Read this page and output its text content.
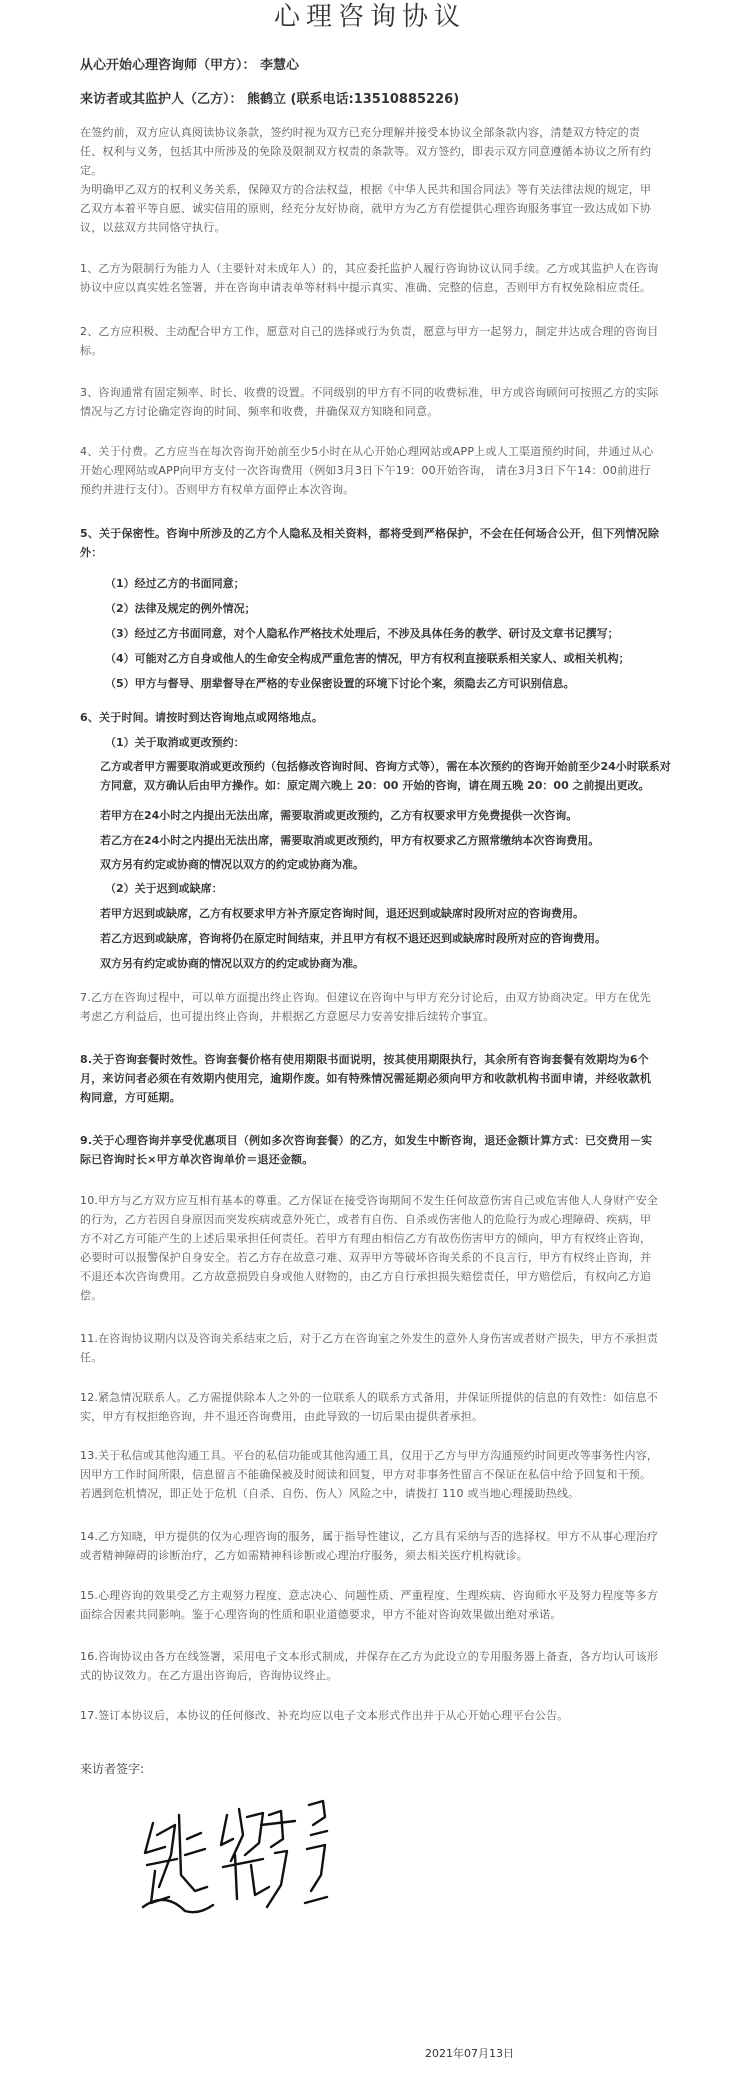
心理咨询协议
从心开始心理咨询师（甲方）： 李慧心
来访者或其监护人（乙方）： 熊鹤立 (联系电话:13510885226)
在签约前，双方应认真阅读协议条款，签约时视为双方已充分理解并接受本协议全部条款内容，清楚双方特定的责任、权利与义务，包括其中所涉及的免除及限制双方权责的条款等。双方签约，即表示双方同意遵循本协议之所有约定。
为明确甲乙双方的权利义务关系，保障双方的合法权益，根据《中华人民共和国合同法》等有关法律法规的规定，甲乙双方本着平等自愿、诚实信用的原则，经充分友好协商，就甲方为乙方有偿提供心理咨询服务事宜一致达成如下协议，以兹双方共同恪守执行。
1、乙方为限制行为能力人（主要针对未成年人）的，其应委托监护人履行咨询协议认同手续。乙方或其监护人在咨询协议中应以真实姓名签署，并在咨询申请表单等材料中提示真实、准确、完整的信息，否则甲方有权免除相应责任。
2、乙方应积极、主动配合甲方工作，愿意对自己的选择或行为负责，愿意与甲方一起努力，制定并达成合理的咨询目标。
3、咨询通常有固定频率、时长、收费的设置。不同级别的甲方有不同的收费标准，甲方或咨询顾问可按照乙方的实际情况与乙方讨论确定咨询的时间、频率和收费，并确保双方知晓和同意。
4、关于付费。乙方应当在每次咨询开始前至少5小时在从心开始心理网站或APP上或人工渠道预约时间，并通过从心开始心理网站或APP向甲方支付一次咨询费用（例如3月3日下午19：00开始咨询， 请在3月3日下午14：00前进行预约并进行支付）。否则甲方有权单方面停止本次咨询。
5、关于保密性。咨询中所涉及的乙方个人隐私及相关资料，都将受到严格保护，不会在任何场合公开，但下列情况除外：
（1）经过乙方的书面同意；
（2）法律及规定的例外情况；
（3）经过乙方书面同意，对个人隐私作严格技术处理后，不涉及具体任务的教学、研讨及文章书记撰写；
（4）可能对乙方自身或他人的生命安全构成严重危害的情况，甲方有权利直接联系相关家人、或相关机构；
（5）甲方与督导、朋辈督导在严格的专业保密设置的环境下讨论个案，须隐去乙方可识别信息。
6、关于时间。请按时到达咨询地点或网络地点。
（1）关于取消或更改预约：
乙方或者甲方需要取消或更改预约（包括修改咨询时间、咨询方式等），需在本次预约的咨询开始前至少24小时联系对方同意，双方确认后由甲方操作。如：原定周六晚上 20：00 开始的咨询，请在周五晚 20：00 之前提出更改。
若甲方在24小时之内提出无法出席，需要取消或更改预约，乙方有权要求甲方免费提供一次咨询。
若乙方在24小时之内提出无法出席，需要取消或更改预约，甲方有权要求乙方照常缴纳本次咨询费用。
双方另有约定或协商的情况以双方的约定或协商为准。
（2）关于迟到或缺席：
若甲方迟到或缺席，乙方有权要求甲方补齐原定咨询时间，退还迟到或缺席时段所对应的咨询费用。
若乙方迟到或缺席，咨询将仍在原定时间结束，并且甲方有权不退还迟到或缺席时段所对应的咨询费用。
双方另有约定或协商的情况以双方的约定或协商为准。
7.乙方在咨询过程中，可以单方面提出终止咨询。但建议在咨询中与甲方充分讨论后，由双方协商决定。甲方在优先考虑乙方利益后，也可提出终止咨询，并根据乙方意愿尽力安善安排后续转介事宜。
8.关于咨询套餐时效性。咨询套餐价格有使用期限书面说明，按其使用期限执行，其余所有咨询套餐有效期均为6个月，来访问者必须在有效期内使用完，逾期作废。如有特殊情况需延期必须向甲方和收款机构书面申请，并经收款机构同意，方可延期。
9.关于心理咨询并享受优惠项目（例如多次咨询套餐）的乙方，如发生中断咨询，退还金额计算方式：已交费用－实际已咨询时长×甲方单次咨询单价＝退还金额。
10.甲方与乙方双方应互相有基本的尊重。乙方保证在接受咨询期间不发生任何故意伤害自己或危害他人人身财产安全的行为，乙方若因自身原因而突发疾病或意外死亡，或者有自伤、自杀或伤害他人的危险行为或心理障碍、疾病，甲方不对乙方可能产生的上述后果承担任何责任。若甲方有理由相信乙方有故伤伤害甲方的倾向，甲方有权终止咨询，必要时可以报警保护自身安全。若乙方存在故意刁难、双弄甲方等破坏咨询关系的不良言行，甲方有权终止咨询，并不退还本次咨询费用。乙方故意损毁自身或他人财物的，由乙方自行承担损失赔偿责任，甲方赔偿后，有权向乙方追偿。
11.在咨询协议期内以及咨询关系结束之后，对于乙方在咨询室之外发生的意外人身伤害或者财产损失，甲方不承担责任。
12.紧急情况联系人。乙方需提供除本人之外的一位联系人的联系方式备用，并保证所提供的信息的有效性：如信息不实，甲方有权拒绝咨询，并不退还咨询费用，由此导致的一切后果由提供者承担。
13.关于私信或其他沟通工具。平台的私信功能或其他沟通工具，仅用于乙方与甲方沟通预约时间更改等事务性内容，因甲方工作时间所限，信息留言不能确保被及时阅读和回复，甲方对非事务性留言不保证在私信中给予回复和干预。若遇到危机情况，即正处于危机（自杀、自伤、伤人）风险之中，请拨打 110 或当地心理援助热线。
14.乙方知晓，甲方提供的仅为心理咨询的服务，属于指导性建议，乙方具有采纳与否的选择权。甲方不从事心理治疗或者精神障碍的诊断治疗，乙方如需精神科诊断或心理治疗服务，须去相关医疗机构就诊。
15.心理咨询的效果受乙方主观努力程度、意志决心、问题性质、严重程度、生理疾病、咨询师水平及努力程度等多方面综合因素共同影响。鉴于心理咨询的性质和职业道德要求，甲方不能对咨询效果做出绝对承诺。
16.咨询协议由各方在线签署，采用电子文本形式制成，并保存在乙方为此设立的专用服务器上备查，各方均认可该形式的协议效力。在乙方退出咨询后，咨询协议终止。
17.签订本协议后，本协议的任何修改、补充均应以电子文本形式作出并于从心开始心理平台公告。
来访者签字:
2021年07月13日
